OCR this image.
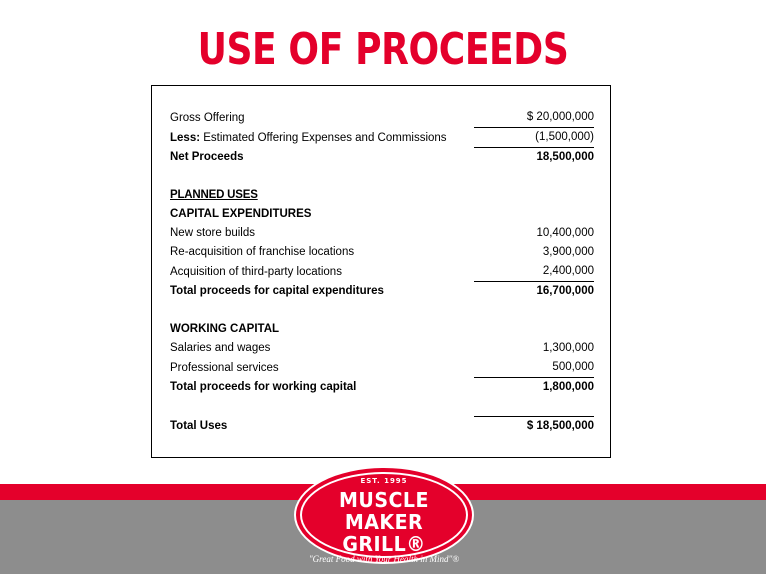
USE OF PROCEEDS
Gross Offering	$ 20,000,000
Less: Estimated Offering Expenses and Commissions	(1,500,000)
Net Proceeds	18,500,000

PLANNED USES	
CAPITAL EXPENDITURES	
New store builds	10,400,000
Re-acquisition of franchise locations	3,900,000
Acquisition of third-party locations	2,400,000
Total proceeds for capital expenditures	16,700,000

WORKING CAPITAL	
Salaries and wages	1,300,000
Professional services	500,000
Total proceeds for working capital	1,800,000

Total Uses	$ 18,500,000
EST. 1995
MUSCLE
MAKER
GRILL®
"Great Food with Your Health in Mind"®
